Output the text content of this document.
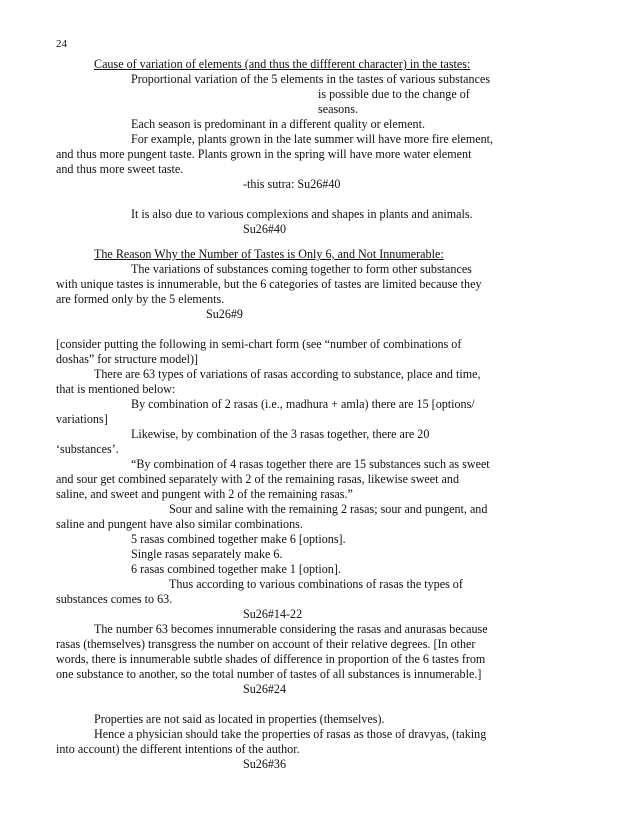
24
Cause of variation of elements (and thus the diffferent character) in the tastes:
Proportional variation of the 5 elements in the tastes of various substances
is possible due to the change of
seasons.
Each season is predominant in a different quality or element.
For example, plants grown in the late summer will have more fire element,
and thus more pungent taste. Plants grown in the spring will have more water element
and thus more sweet taste.
-this sutra: Su26#40
It is also due to various complexions and shapes in plants and animals.
Su26#40
The Reason Why the Number of Tastes is Only 6, and Not Innumerable:
The variations of substances coming together to form other substances
with unique tastes is innumerable, but the 6 categories of tastes are limited because they
are formed only by the 5 elements.
Su26#9
[consider putting the following in semi-chart form (see “number of combinations of
doshas” for structure model)]
There are 63 types of variations of rasas according to substance, place and time,
that is mentioned below:
By combination of 2 rasas (i.e., madhura + amla) there are 15 [options/
variations]
Likewise, by combination of the 3 rasas together, there are 20
‘substances’.
“By combination of 4 rasas together there are 15 substances such as sweet
and sour get combined separately with 2 of the remaining rasas, likewise sweet and
saline, and sweet and pungent with 2 of the remaining rasas.”
Sour and saline with the remaining 2 rasas; sour and pungent, and
saline and pungent have also similar combinations.
5 rasas combined together make 6 [options].
Single rasas separately make 6.
6 rasas combined together make 1 [option].
Thus according to various combinations of rasas the types of
substances comes to 63.
Su26#14-22
The number 63 becomes innumerable considering the rasas and anurasas because
rasas (themselves) transgress the number on account of their relative degrees. [In other
words, there is innumerable subtle shades of difference in proportion of the 6 tastes from
one substance to another, so the total number of tastes of all substances is innumerable.]
Su26#24
Properties are not said as located in properties (themselves).
Hence a physician should take the properties of rasas as those of dravyas, (taking
into account) the different intentions of the author.
Su26#36
